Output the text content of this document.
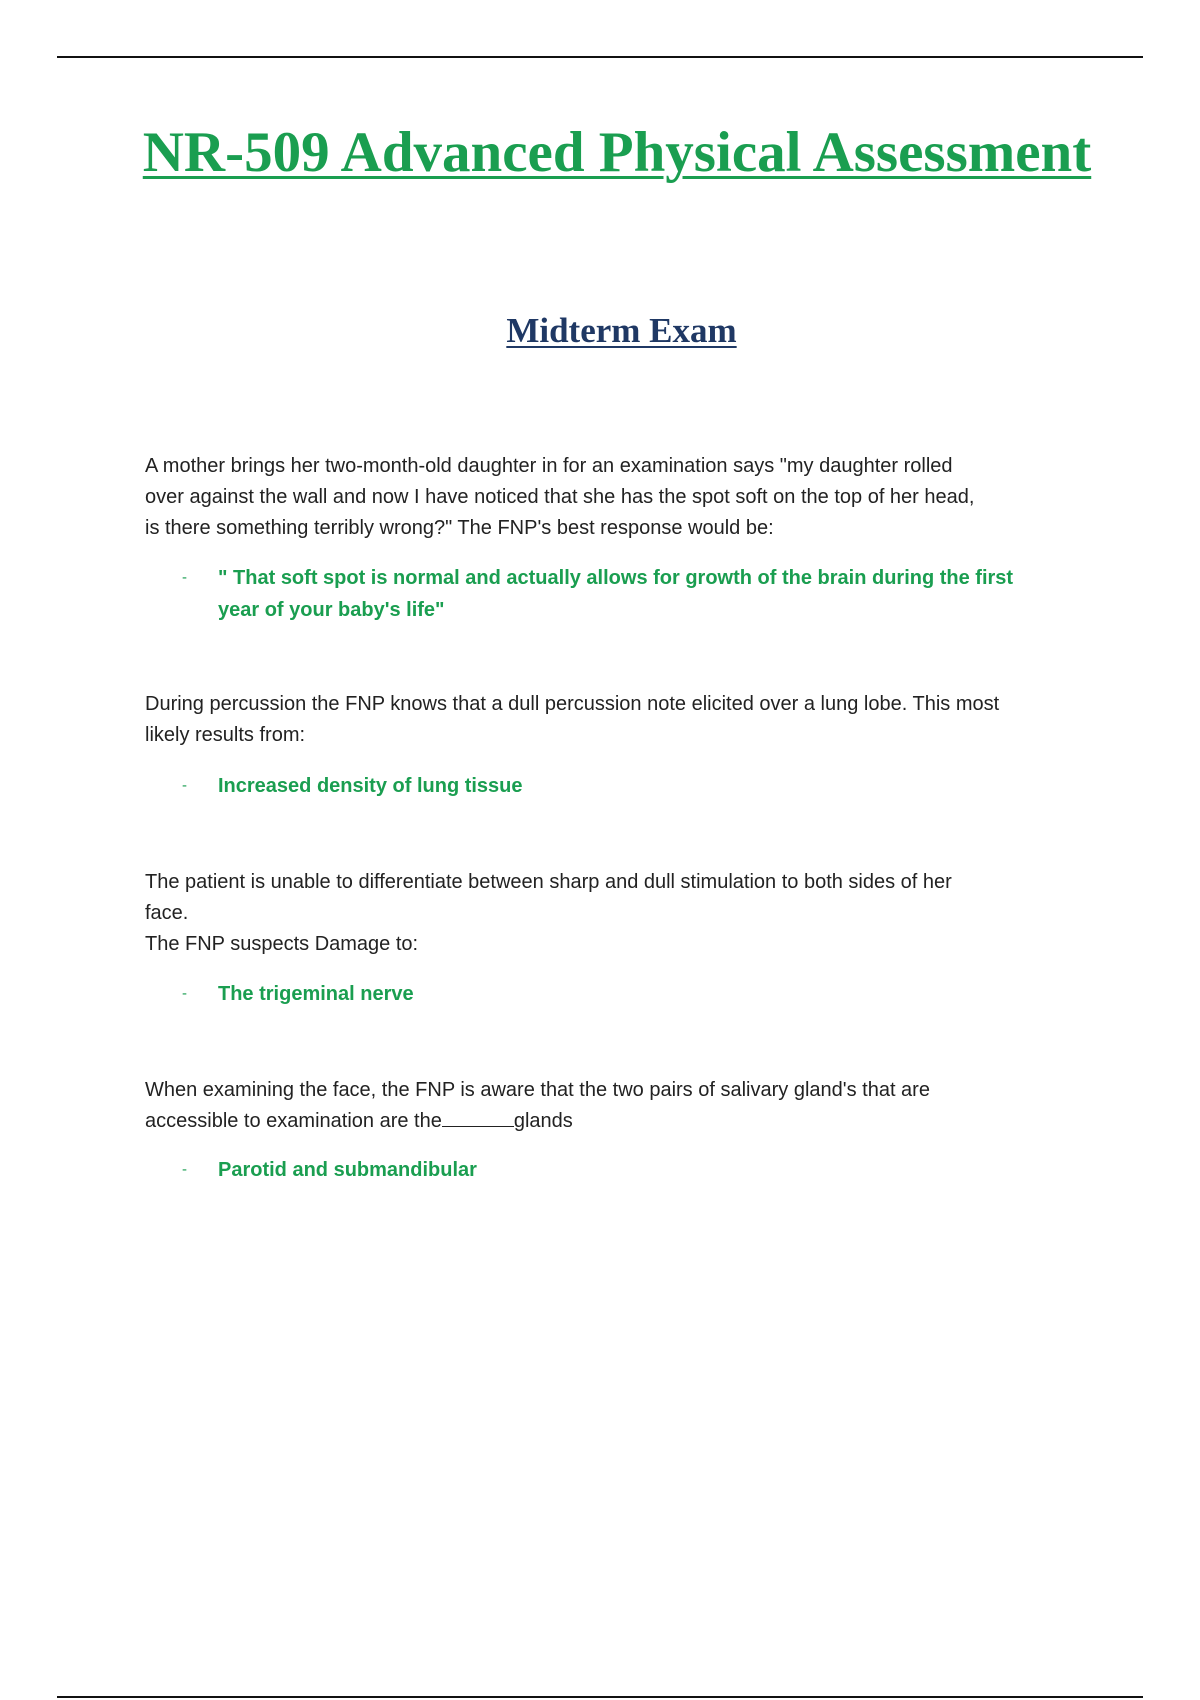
NR-509 Advanced Physical Assessment
Midterm Exam

A mother brings her two-month-old daughter in for an examination says "my daughter rolled
over against the wall and now I have noticed that she has the spot soft on the top of her head,
is there something terribly wrong?" The FNP's best response would be:

- " That soft spot is normal and actually allows for growth of the brain during the first
year of your baby's life"

During percussion the FNP knows that a dull percussion note elicited over a lung lobe. This most
likely results from:

- Increased density of lung tissue

The patient is unable to differentiate between sharp and dull stimulation to both sides of her
face.
The FNP suspects Damage to:

- The trigeminal nerve

When examining the face, the FNP is aware that the two pairs of salivary gland's that are
accessible to examination are the	glands

- Parotid and submandibular
